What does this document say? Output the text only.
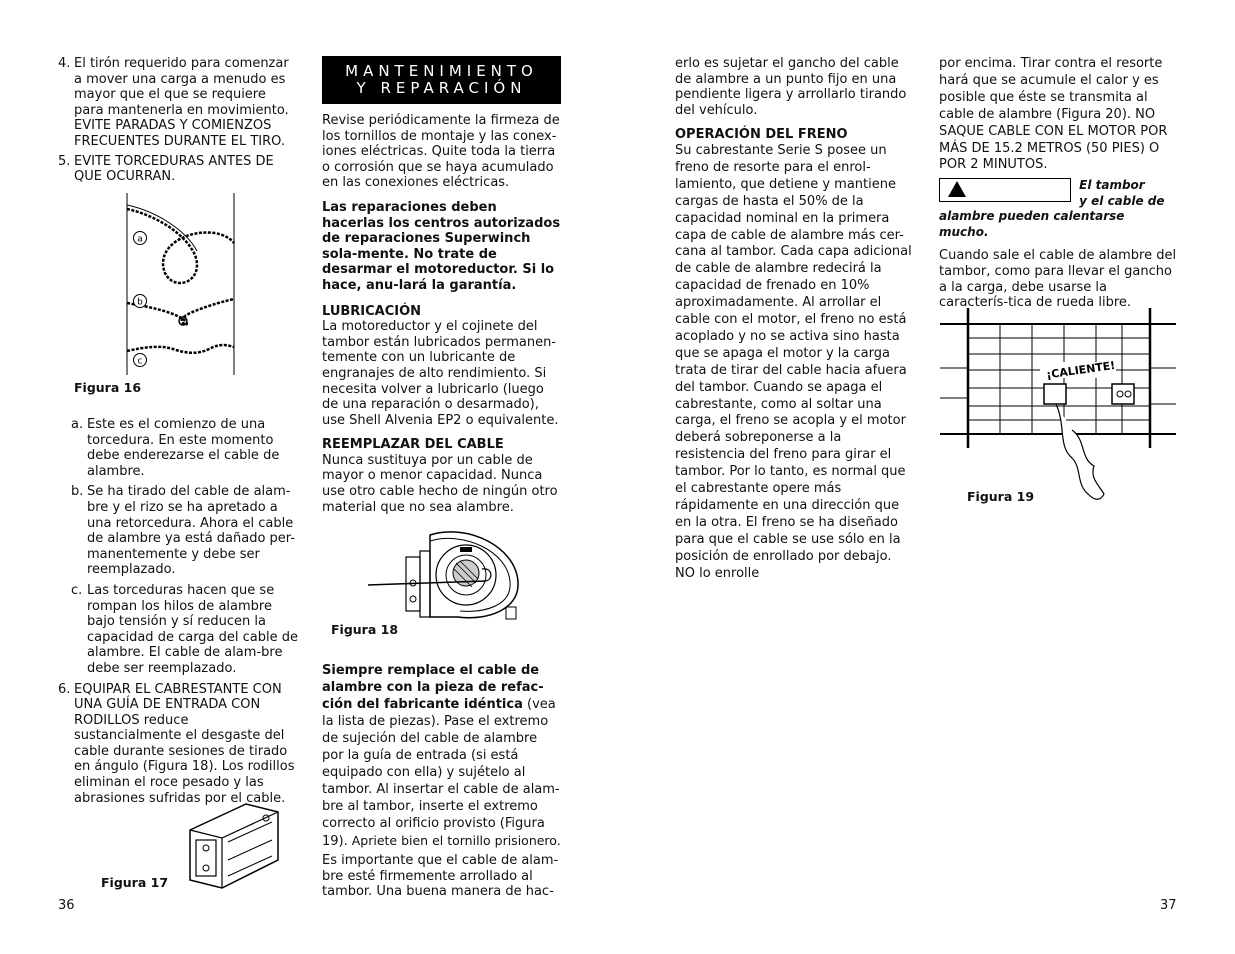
4. El tirón requerido para comenzar a mover una carga a menudo es mayor que el que se requiere para mantenerla en movimiento. EVITE PARADAS Y COMIENZOS FRECUENTES DURANTE EL TIRO.
5. EVITE TORCEDURAS ANTES DE QUE OCURRAN.
a
b
c
Figura 16
a. Este es el comienzo de una torcedura. En este momento debe enderezarse el cable de alambre.
b. Se ha tirado del cable de alam-bre y el rizo se ha apretado a una retorcedura. Ahora el cable de alambre ya está dañado per-manentemente y debe ser reemplazado.
c. Las torceduras hacen que se rompan los hilos de alambre bajo tensión y sí reducen la capacidad de carga del cable de alambre. El cable de alam-bre debe ser reemplazado.
6. EQUIPAR EL CABRESTANTE CON UNA GUÍA DE ENTRADA CON RODILLOS reduce sustancialmente el desgaste del cable durante sesiones de tirado en ángulo (Figura 18). Los rodillos eliminan el roce pesado y las abrasiones sufridas por el cable.
Figura 17
36
MANTENIMIENTO
Y REPARACIÓN

Revise periódicamente la firmeza de los tornillos de montaje y las conex-iones eléctricas. Quite toda la tierra o corrosión que se haya acumulado en las conexiones eléctricas.

Las reparaciones deben hacerlas los centros autorizados de reparaciones Superwinch sola-mente. No trate de desarmar el motoreductor. Si lo hace, anu-lará la garantía.

LUBRICACIÓN

La motoreductor y el cojinete del tambor están lubricados permanen-temente con un lubricante de engranajes de alto rendimiento. Si necesita volver a lubricarlo (luego de una reparación o desarmado), use Shell Alvenia EP2 o equivalente.

REEMPLAZAR DEL CABLE

Nunca sustituya por un cable de mayor o menor capacidad. Nunca use otro cable hecho de ningún otro material que no sea alambre.

Figura 18

Siempre remplace el cable de alambre con la pieza de refac-ción del fabricante idéntica (vea la lista de piezas). Pase el extremo de sujeción del cable de alambre por la guía de entrada (si está equipado con ella) y sujételo al tambor. Al insertar el cable de alam-bre al tambor, inserte el extremo correcto al orificio provisto (Figura 19). Apriete bien el tornillo prisionero.

Es importante que el cable de alam-bre esté firmemente arrollado al tambor. Una buena manera de hac-

erlo es sujetar el gancho del cable de alambre a un punto fijo en una pendiente ligera y arrollarlo tirando del vehículo.

OPERACIÓN DEL FRENO

Su cabrestante Serie S posee un freno de resorte para el enrol-lamiento, que detiene y mantiene cargas de hasta el 50% de la capacidad nominal en la primera capa de cable de alambre más cer-cana al tambor. Cada capa adicional de cable de alambre redecirá la capacidad de frenado en 10% aproximadamente. Al arrollar el cable con el motor, el freno no está acoplado y no se activa sino hasta que se apaga el motor y la carga trata de tirar del cable hacia afuera del tambor. Cuando se apaga el cabrestante, como al soltar una carga, el freno se acopla y el motor deberá sobreponerse a la resistencia del freno para girar el tambor. Por lo tanto, es normal que el cabrestante opere más rápidamente en una dirección que en la otra. El freno se ha diseñado para que el cable se use sólo en la posición de enrollado por debajo. NO lo enrolle

por encima. Tirar contra el resorte hará que se acumule el calor y es posible que éste se transmita al cable de alambre (Figura 20). NO SAQUE CABLE CON EL MOTOR POR MÁS DE 15.2 METROS (50 PIES) O POR 2 MINUTOS.

El tambor
y el cable de
alambre pueden calentarse mucho.

Cuando sale el cable de alambre del tambor, como para llevar el gancho a la carga, debe usarse la caracterís-tica de rueda libre.

¡CALIENTE!
Figura 19
37
